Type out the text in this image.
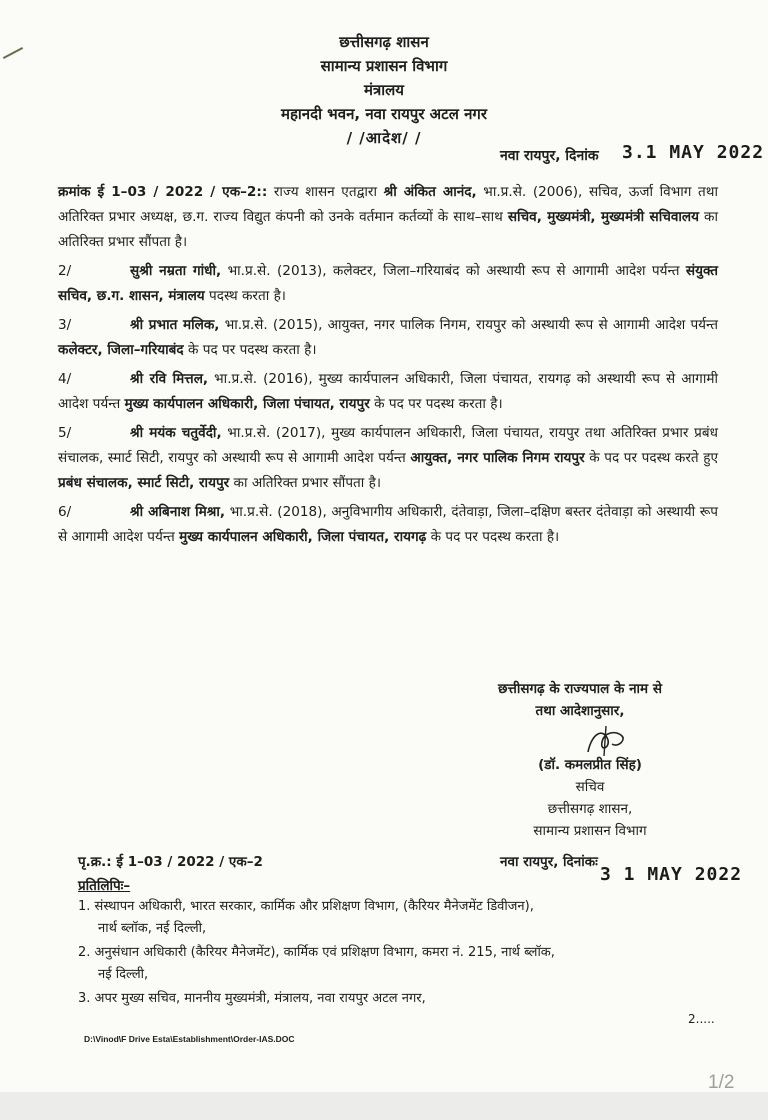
छत्तीसगढ़ शासन
सामान्य प्रशासन विभाग
मंत्रालय
महानदी भवन, नवा रायपुर अटल नगर
/ /आदेश/ /
नवा रायपुर, दिनांक 3.1 MAY 2022

क्रमांक ई 1–03 / 2022 / एक–2:: राज्य शासन एतद्वारा श्री अंकित आनंद, भा.प्र.से. (2006), सचिव, ऊर्जा विभाग तथा अतिरिक्त प्रभार अध्यक्ष, छ.ग. राज्य विद्युत कंपनी को उनके वर्तमान कर्तव्यों के साथ–साथ सचिव, मुख्यमंत्री, मुख्यमंत्री सचिवालय का अतिरिक्त प्रभार सौंपता है।

2/	सुश्री नम्रता गांधी, भा.प्र.से. (2013), कलेक्टर, जिला–गरियाबंद को अस्थायी रूप से आगामी आदेश पर्यन्त संयुक्त सचिव, छ.ग. शासन, मंत्रालय पदस्थ करता है।

3/	श्री प्रभात मलिक, भा.प्र.से. (2015), आयुक्त, नगर पालिक निगम, रायपुर को अस्थायी रूप से आगामी आदेश पर्यन्त कलेक्टर, जिला–गरियाबंद के पद पर पदस्थ करता है।

4/	श्री रवि मित्तल, भा.प्र.से. (2016), मुख्य कार्यपालन अधिकारी, जिला पंचायत, रायगढ़ को अस्थायी रूप से आगामी आदेश पर्यन्त मुख्य कार्यपालन अधिकारी, जिला पंचायत, रायपुर के पद पर पदस्थ करता है।

5/	श्री मयंक चतुर्वेदी, भा.प्र.से. (2017), मुख्य कार्यपालन अधिकारी, जिला पंचायत, रायपुर तथा अतिरिक्त प्रभार प्रबंध संचालक, स्मार्ट सिटी, रायपुर को अस्थायी रूप से आगामी आदेश पर्यन्त आयुक्त, नगर पालिक निगम रायपुर के पद पर पदस्थ करते हुए प्रबंध संचालक, स्मार्ट सिटी, रायपुर का अतिरिक्त प्रभार सौंपता है।

6/	श्री अबिनाश मिश्रा, भा.प्र.से. (2018), अनुविभागीय अधिकारी, दंतेवाड़ा, जिला–दक्षिण बस्तर दंतेवाड़ा को अस्थायी रूप से आगामी आदेश पर्यन्त मुख्य कार्यपालन अधिकारी, जिला पंचायत, रायगढ़ के पद पर पदस्थ करता है।

छत्तीसगढ़ के राज्यपाल के नाम से
तथा आदेशानुसार,
(डॉ. कमलप्रीत सिंह)
सचिव
छत्तीसगढ़ शासन,
सामान्य प्रशासन विभाग
पृ.क्र.: ई 1–03 / 2022 / एक–2	नवा रायपुर, दिनांकः
3 1 MAY 2022
प्रतिलिपिः–
1. संस्थापन अधिकारी, भारत सरकार, कार्मिक और प्रशिक्षण विभाग, (कैरियर मैनेजमेंट डिवीजन),
नार्थ ब्लॉक, नई दिल्ली,
2. अनुसंधान अधिकारी (कैरियर मैनेजमेंट), कार्मिक एवं प्रशिक्षण विभाग, कमरा नं. 215, नार्थ ब्लॉक,
नई दिल्ली,
3. अपर मुख्य सचिव, माननीय मुख्यमंत्री, मंत्रालय, नवा रायपुर अटल नगर,
2.....
D:\Vinod\F Drive Esta\Establishment\Order-IAS.DOC
1/2
